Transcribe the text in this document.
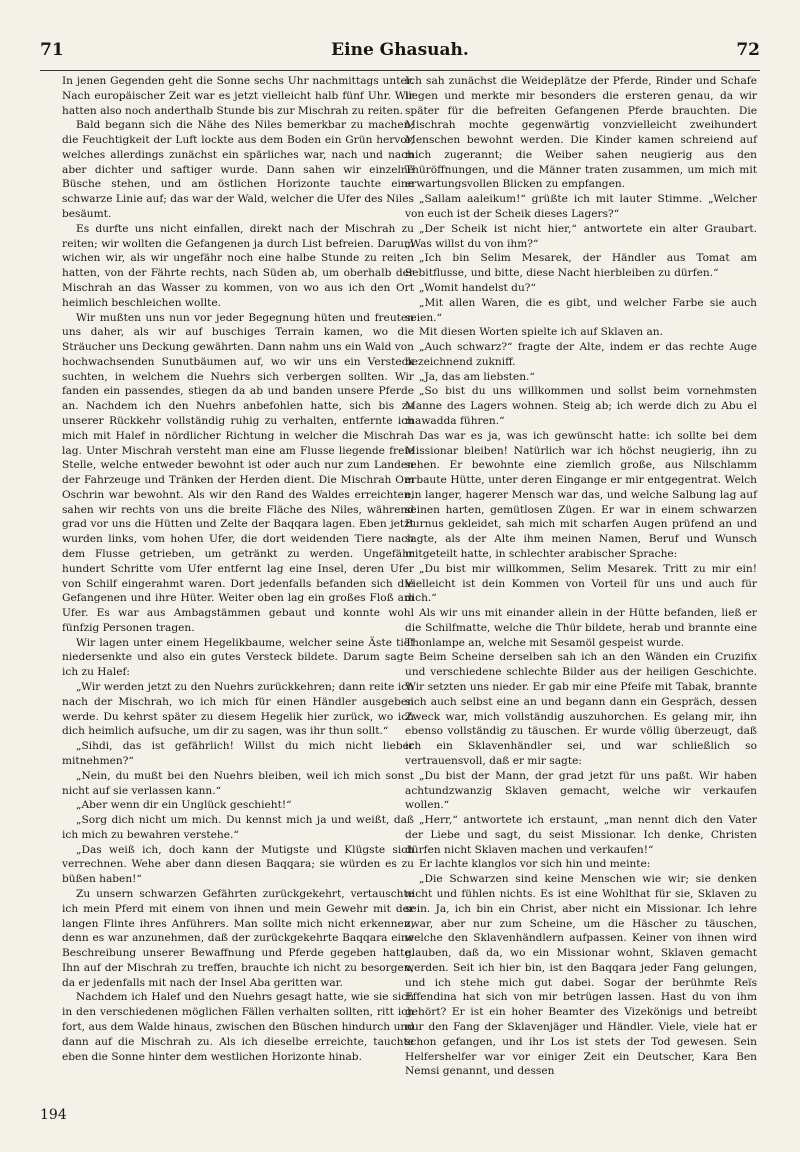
71	Eine Ghasuah.	72

In jenen Gegenden geht die Sonne sechs Uhr nachmittags unter. Nach europäischer Zeit war es jetzt vielleicht halb fünf Uhr. Wir hatten also noch anderthalb Stunde bis zur Mischrah zu reiten.

Bald begann sich die Nähe des Niles bemerkbar zu machen; die Feuchtigkeit der Luft lockte aus dem Boden ein Grün hervor, welches allerdings zunächst ein spärliches war, nach und nach aber dichter und saftiger wurde. Dann sahen wir einzelne Büsche stehen, und am östlichen Horizonte tauchte eine schwarze Linie auf; das war der Wald, welcher die Ufer des Niles besäumt.

Es durfte uns nicht einfallen, direkt nach der Mischrah zu reiten; wir wollten die Gefangenen ja durch List befreien. Darum wichen wir, als wir ungefähr noch eine halbe Stunde zu reiten hatten, von der Fährte rechts, nach Süden ab, um oberhalb der Mischrah an das Wasser zu kommen, von wo aus ich den Ort heimlich beschleichen wollte.

Wir mußten uns nun vor jeder Begegnung hüten und freuten uns daher, als wir auf buschiges Terrain kamen, wo die Sträucher uns Deckung gewährten. Dann nahm uns ein Wald von hochwachsenden Sunutbäumen auf, wo wir uns ein Versteck suchten, in welchem die Nuehrs sich verbergen sollten. Wir fanden ein passendes, stiegen da ab und banden unsere Pferde an. Nachdem ich den Nuehrs anbefohlen hatte, sich bis zu unserer Rückkehr vollständig ruhig zu verhalten, entfernte ich mich mit Halef in nördlicher Richtung in welcher die Mischrah lag. Unter Mischrah versteht man eine am Flusse liegende freie Stelle, welche entweder bewohnt ist oder auch nur zum Landen der Fahrzeuge und Tränken der Herden dient. Die Mischrah Om Oschrin war bewohnt. Als wir den Rand des Waldes erreichten, sahen wir rechts von uns die breite Fläche des Niles, während grad vor uns die Hütten und Zelte der Baqqara lagen. Eben jetzt wurden links, vom hohen Ufer, die dort weidenden Tiere nach dem Flusse getrieben, um getränkt zu werden. Ungefähr hundert Schritte vom Ufer entfernt lag eine Insel, deren Ufer von Schilf eingerahmt waren. Dort jedenfalls befanden sich die Gefangenen und ihre Hüter. Weiter oben lag ein großes Floß am Ufer. Es war aus Ambagstämmen gebaut und konnte wohl fünfzig Personen tragen.

Wir lagen unter einem Hegelikbaume, welcher seine Äste tief niedersenkte und also ein gutes Versteck bildete. Darum sagte ich zu Halef:

„Wir werden jetzt zu den Nuehrs zurückkehren; dann reite ich nach der Mischrah, wo ich mich für einen Händler ausgeben werde. Du kehrst später zu diesem Hegelik hier zurück, wo ich dich heimlich aufsuche, um dir zu sagen, was ihr thun sollt.“

„Sihdi, das ist gefährlich! Willst du mich nicht lieber mitnehmen?“

„Nein, du mußt bei den Nuehrs bleiben, weil ich mich sonst nicht auf sie verlassen kann.“

„Aber wenn dir ein Unglück geschieht!“

„Sorg dich nicht um mich. Du kennst mich ja und weißt, daß ich mich zu bewahren verstehe.“

„Das weiß ich, doch kann der Mutigste und Klügste sich verrechnen. Wehe aber dann diesen Baqqara; sie würden es zu büßen haben!“

Zu unsern schwarzen Gefährten zurückgekehrt, vertauschte ich mein Pferd mit einem von ihnen und mein Gewehr mit der langen Flinte ihres Anführers. Man sollte mich nicht erkennen, denn es war anzunehmen, daß der zurückgekehrte Baqqara eine Beschreibung unserer Bewaffnung und Pferde gegeben hatte. Ihn auf der Mischrah zu treffen, brauchte ich nicht zu besorgen, da er jedenfalls mit nach der Insel Aba geritten war.

Nachdem ich Halef und den Nuehrs gesagt hatte, wie sie sich in den verschiedenen möglichen Fällen verhalten sollten, ritt ich fort, aus dem Walde hinaus, zwischen den Büschen hindurch und dann auf die Mischrah zu. Als ich dieselbe erreichte, tauchte eben die Sonne hinter dem westlichen Horizonte hinab.

Ich sah zunächst die Weideplätze der Pferde, Rinder und Schafe liegen und merkte mir besonders die ersteren genau, da wir später für die befreiten Gefangenen Pferde brauchten. Die Mischrah mochte gegenwärtig vonzvielleicht zweihundert Menschen bewohnt werden. Die Kinder kamen schreiend auf mich zugerannt; die Weiber sahen neugierig aus den Thüröffnungen, und die Männer traten zusammen, um mich mit erwartungsvollen Blicken zu empfangen.

„Sallam aaleikum!“ grüßte ich mit lauter Stimme. „Welcher von euch ist der Scheik dieses Lagers?“

„Der Scheik ist nicht hier,“ antwortete ein alter Graubart. „Was willst du von ihm?“

„Ich bin Selim Mesarek, der Händler aus Tomat am Sebitflusse, und bitte, diese Nacht hierbleiben zu dürfen.“

„Womit handelst du?“

„Mit allen Waren, die es gibt, und welcher Farbe sie auch seien.“

Mit diesen Worten spielte ich auf Sklaven an.

„Auch schwarz?“ fragte der Alte, indem er das rechte Auge bezeichnend zukniff.

„Ja, das am liebsten.“

„So bist du uns willkommen und sollst beim vornehmsten Manne des Lagers wohnen. Steig ab; ich werde dich zu Abu el mawadda führen.“

Das war es ja, was ich gewünscht hatte: ich sollte bei dem Missionar bleiben! Natürlich war ich höchst neugierig, ihn zu sehen. Er bewohnte eine ziemlich große, aus Nilschlamm erbaute Hütte, unter deren Eingange er mir entgegentrat. Welch ein langer, hagerer Mensch war das, und welche Salbung lag auf seinen harten, gemütlosen Zügen. Er war in einem schwarzen Burnus gekleidet, sah mich mit scharfen Augen prüfend an und sagte, als der Alte ihm meinen Namen, Beruf und Wunsch mitgeteilt hatte, in schlechter arabischer Sprache:

„Du bist mir willkommen, Selim Mesarek. Tritt zu mir ein! Vielleicht ist dein Kommen von Vorteil für uns und auch für dich.“

Als wir uns mit einander allein in der Hütte befanden, ließ er die Schilfmatte, welche die Thür bildete, herab und brannte eine Thonlampe an, welche mit Sesamöl gespeist wurde.

Beim Scheine derselben sah ich an den Wänden ein Cruzifix und verschiedene schlechte Bilder aus der heiligen Geschichte. Wir setzten uns nieder. Er gab mir eine Pfeife mit Tabak, brannte sich auch selbst eine an und begann dann ein Gespräch, dessen Zweck war, mich vollständig auszuhorchen. Es gelang mir, ihn ebenso vollständig zu täuschen. Er wurde völlig überzeugt, daß ich ein Sklavenhändler sei, und war schließlich so vertrauensvoll, daß er mir sagte:

„Du bist der Mann, der grad jetzt für uns paßt. Wir haben achtundzwanzig Sklaven gemacht, welche wir verkaufen wollen.“

„Herr,“ antwortete ich erstaunt, „man nennt dich den Vater der Liebe und sagt, du seist Missionar. Ich denke, Christen dürfen nicht Sklaven machen und verkaufen!“

Er lachte klanglos vor sich hin und meinte:

„Die Schwarzen sind keine Menschen wie wir; sie denken nicht und fühlen nichts. Es ist eine Wohlthat für sie, Sklaven zu sein. Ja, ich bin ein Christ, aber nicht ein Missionar. Ich lehre zwar, aber nur zum Scheine, um die Häscher zu täuschen, welche den Sklavenhändlern aufpassen. Keiner von ihnen wird glauben, daß da, wo ein Missionar wohnt, Sklaven gemacht werden. Seit ich hier bin, ist den Baqqara jeder Fang gelungen, und ich stehe mich gut dabei. Sogar der berühmte Reïs Effendina hat sich von mir betrügen lassen. Hast du von ihm gehört? Er ist ein hoher Beamter des Vizekönigs und betreibt nur den Fang der Sklavenjäger und Händler. Viele, viele hat er schon gefangen, und ihr Los ist stets der Tod gewesen. Sein Helfershelfer war vor einiger Zeit ein Deutscher, Kara Ben Nemsi genannt, und dessen

194
